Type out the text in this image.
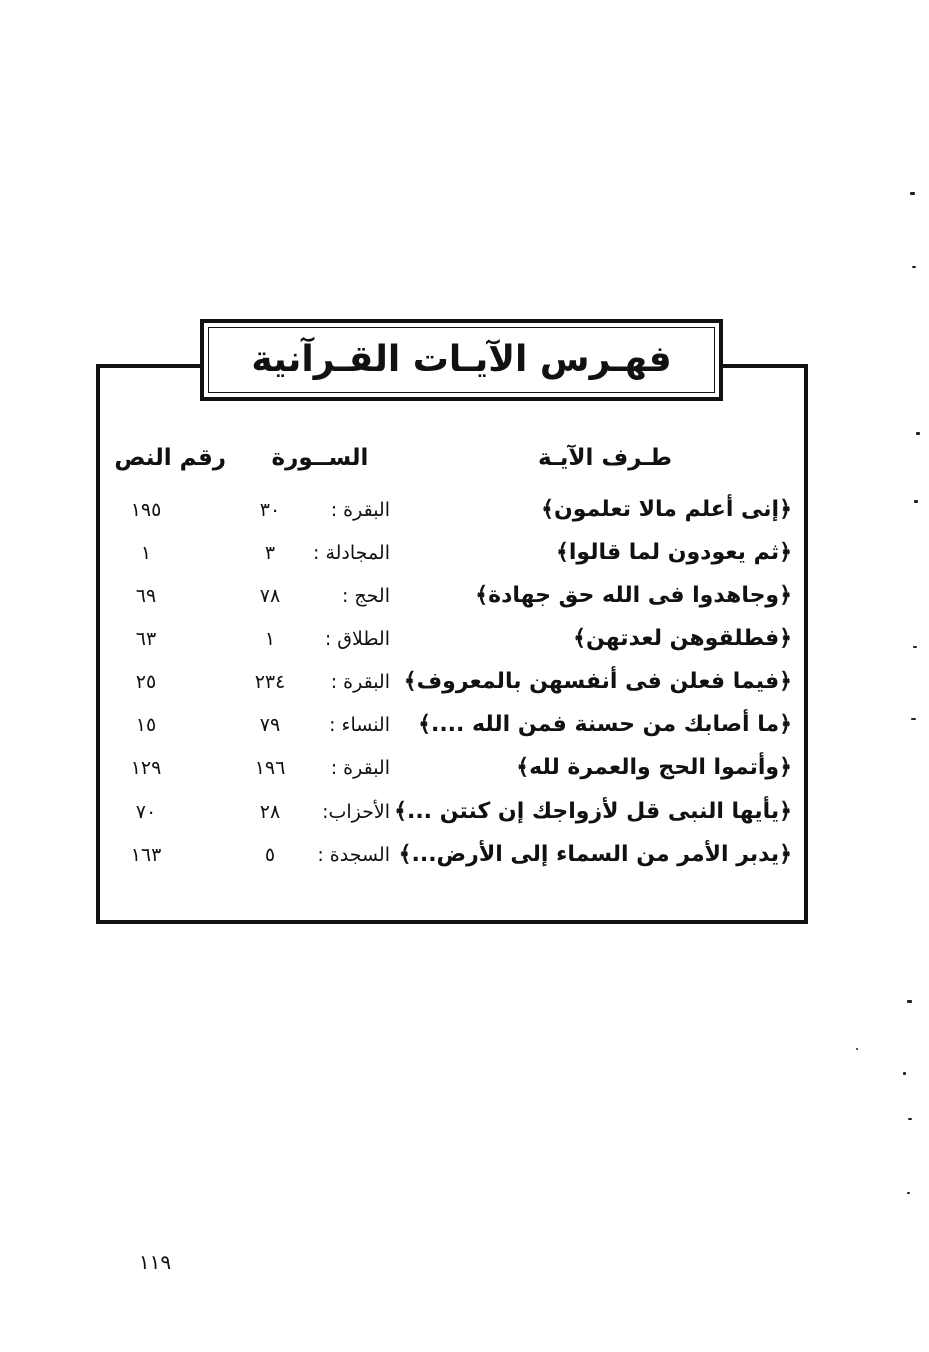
فهـرس الآيـات القـرآنية
طـرف الآيـة
الســورة
رقم النص
﴿إنى أعلم مالا تعلمون﴾
البقرة :
٣٠
١٩٥
﴿ثم يعودون لما قالوا﴾
المجادلة :
٣
١
﴿وجاهدوا فى الله حق جهادة﴾
الحج :
٧٨
٦٩
﴿فطلقوهن لعدتهن﴾
الطلاق :
١
٦٣
﴿فيما فعلن فى أنفسهن بالمعروف﴾
البقرة :
٢٣٤
٢٥
﴿ما أصابك من حسنة فمن الله ....﴾
النساء :
٧٩
١٥
﴿وأتموا الحج والعمرة لله﴾
البقرة :
١٩٦
١٢٩
﴿يأيها النبى قل لأزواجك إن كنتن ...﴾
الأحزاب:
٢٨
٧٠
﴿يدبر الأمر من السماء إلى الأرض...﴾
السجدة :
٥
١٦٣
١١٩
